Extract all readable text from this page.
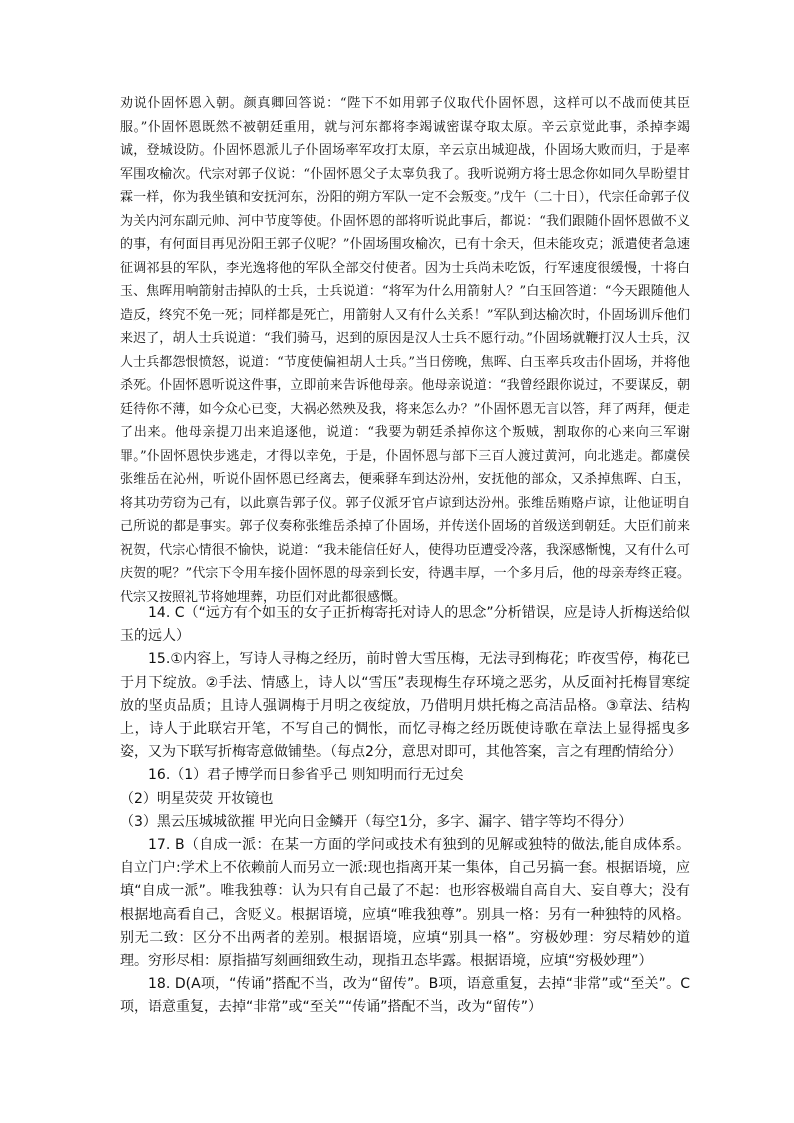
劝说仆固怀恩入朝。颜真卿回答说：“陛下不如用郭子仪取代仆固怀恩，这样可以不战而使其臣服。”仆固怀恩既然不被朝廷重用，就与河东都将李竭诚密谋夺取太原。辛云京觉此事，杀掉李竭诚，登城设防。仆固怀恩派儿子仆固场率军攻打太原，辛云京出城迎战，仆固场大败而归，于是率军围攻榆次。代宗对郭子仪说：“仆固怀恩父子太辜负我了。我听说朔方将士思念你如同久旱盼望甘霖一样，你为我坐镇和安抚河东，汾阳的朔方军队一定不会叛变。”戊午（二十日），代宗任命郭子仪为关内河东副元帅、河中节度等使。仆固怀恩的部将听说此事后，都说：“我们跟随仆固怀恩做不义的事，有何面目再见汾阳王郭子仪呢？”仆固场围攻榆次，已有十余天，但未能攻克；派遣使者急速征调祁县的军队，李光逸将他的军队全部交付使者。因为士兵尚未吃饭，行军速度很缓慢，十将白玉、焦晖用响箭射击掉队的士兵，士兵说道：“将军为什么用箭射人？”白玉回答道：“今天跟随他人造反，终究不免一死；同样都是死亡，用箭射人又有什么关系！”军队到达榆次时，仆固场训斥他们来迟了，胡人士兵说道：“我们骑马，迟到的原因是汉人士兵不愿行动。”仆固场就鞭打汉人士兵，汉人士兵都怨恨愤怒，说道：“节度使偏袒胡人士兵。”当日傍晚，焦晖、白玉率兵攻击仆固场，并将他杀死。仆固怀恩听说这件事，立即前来告诉他母亲。他母亲说道：“我曾经跟你说过，不要谋反，朝廷待你不薄，如今众心已变，大祸必然殃及我，将来怎么办？”仆固怀恩无言以答，拜了两拜，便走了出来。他母亲提刀出来追逐他，说道：“我要为朝廷杀掉你这个叛贼，割取你的心来向三军谢罪。”仆固怀恩快步逃走，才得以幸免，于是，仆固怀恩与部下三百人渡过黄河，向北逃走。都虞侯张维岳在沁州，听说仆固怀恩已经离去，便乘驿车到达汾州，安抚他的部众，又杀掉焦晖、白玉，将其功劳窃为己有，以此禀告郭子仪。郭子仪派牙官卢谅到达汾州。张维岳贿赂卢谅，让他证明自己所说的都是事实。郭子仪奏称张维岳杀掉了仆固场，并传送仆固场的首级送到朝廷。大臣们前来祝贺，代宗心情很不愉快，说道：“我未能信任好人，使得功臣遭受冷落，我深感惭愧，又有什么可庆贺的呢？”代宗下令用车接仆固怀恩的母亲到长安，待遇丰厚，一个多月后，他的母亲寿终正寝。代宗又按照礼节将她埋葬，功臣们对此都很感慨。

14. C（“远方有个如玉的女子正折梅寄托对诗人的思念”分析错误，应是诗人折梅送给似玉的远人）

15.①内容上，写诗人寻梅之经历，前时曾大雪压梅，无法寻到梅花；昨夜雪停，梅花已于月下绽放。②手法、情感上，诗人以“雪压”表现梅生存环境之恶劣，从反面衬托梅冒寒绽放的坚贞品质；且诗人强调梅于月明之夜绽放，乃借明月烘托梅之高洁品格。③章法、结构上，诗人于此联宕开笔，不写自己的惆怅，而忆寻梅之经历既使诗歌在章法上显得摇曳多姿，又为下联写折梅寄意做铺垫。（每点2分，意思对即可，其他答案，言之有理酌情给分）

16.（1）君子博学而日参省乎己 则知明而行无过矣

（2）明星荧荧 开妆镜也

（3）黑云压城城欲摧 甲光向日金鳞开（每空1分，多字、漏字、错字等均不得分）

17. B（自成一派：在某一方面的学问或技术有独到的见解或独特的做法,能自成体系。自立门户:学术上不依赖前人而另立一派:现也指离开某一集体，自己另搞一套。根据语境，应填“自成一派”。唯我独尊：认为只有自己最了不起：也形容极端自高自大、妄自尊大；没有根据地高看自己，含贬义。根据语境，应填“唯我独尊”。别具一格：另有一种独特的风格。别无二致：区分不出两者的差别。根据语境，应填“别具一格”。穷极妙理：穷尽精妙的道理。穷形尽相：原指描写刻画细致生动，现指丑态毕露。根据语境，应填“穷极妙理”）

18. D(A项，“传诵”搭配不当，改为“留传”。B项，语意重复，去掉“非常”或“至关”。C项，语意重复，去掉“非常”或“至关”“传诵”搭配不当，改为“留传”）
